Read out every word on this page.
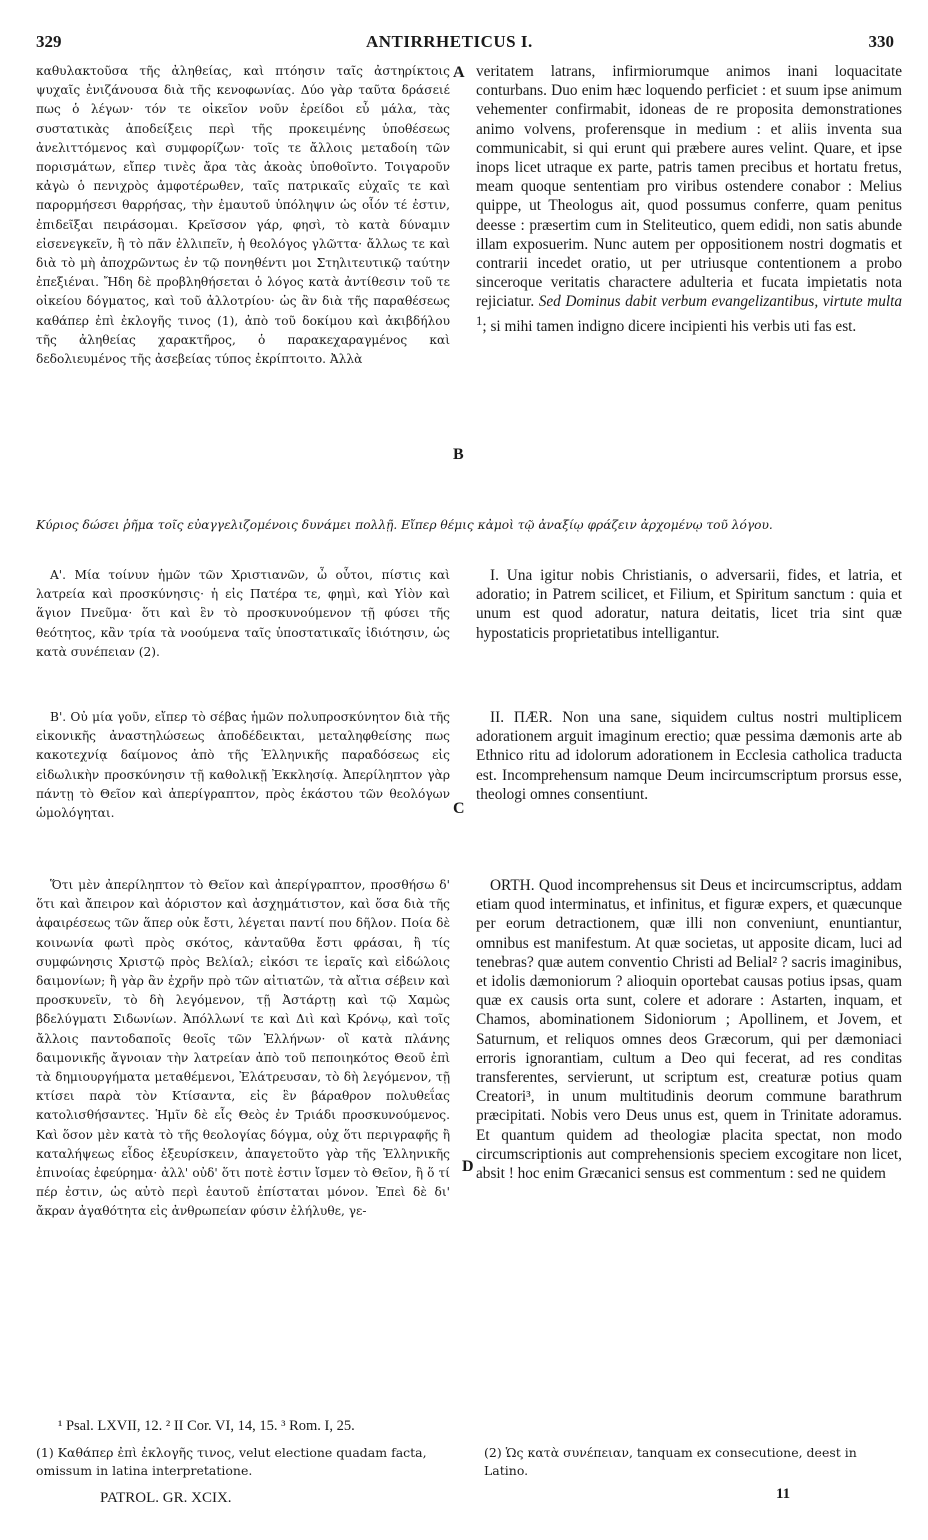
329	ANTIRRHETICUS I.	330

καθυλακτοῦσα τῆς ἀληθείας, καὶ πτόησιν ταῖς ἀστηρίκτοις ψυχαῖς ἐνιζάνουσα διὰ τῆς κενοφωνίας. Δύο γὰρ ταῦτα δράσειέ πως ὁ λέγων· τόν τε οἰκεῖον νοῦν ἐρείδοι εὖ μάλα, τὰς συστατικὰς ἀποδείξεις περὶ τῆς προκειμένης ὑποθέσεως ἀνελιττόμενος καὶ συμφορίζων· τοῖς τε ἄλλοις μεταδοίη τῶν πορισμάτων, εἴπερ τινὲς ἄρα τὰς ἀκοὰς ὑποθοῖντο. Τοιγαροῦν κἀγὼ ὁ πενιχρὸς ἀμφοτέρωθεν, ταῖς πατρικαῖς εὐχαῖς τε καὶ παρορμήσεσι θαρρήσας, τὴν ἐμαυτοῦ ὑπόληψιν ὡς οἷόν τέ ἐστιν, ἐπιδεῖξαι πειράσομαι. Κρεῖσσον γάρ, φησὶ, τὸ κατὰ δύναμιν εἰσενεγκεῖν, ἢ τὸ πᾶν ἐλλιπεῖν, ἡ θεολόγος γλῶττα· ἄλλως τε καὶ διὰ τὸ μὴ ἀποχρῶντως ἐν τῷ πονηθέντι μοι Στηλιτευτικῷ ταύτην ἐπεξιέναι. Ἤδη δὲ προβληθήσεται ὁ λόγος κατὰ ἀντίθεσιν τοῦ τε οἰκείου δόγματος, καὶ τοῦ ἀλλοτρίου· ὡς ἂν διὰ τῆς παραθέσεως καθάπερ ἐπὶ ἐκλογῆς τινος (1), ἀπὸ τοῦ δοκίμου καὶ ἀκιβδήλου τῆς ἀληθείας χαρακτῆρος, ὁ παρακεχαραγμένος καὶ δεδολιευμένος τῆς ἀσεβείας τύπος ἐκρίπτοιτο. Ἀλλὰ

veritatem latrans, infirmiorumque animos inani loquacitate conturbans. Duo enim hæc loquendo perficiet : et suum ipse animum vehementer confirmabit, idoneas de re proposita demonstrationes animo volvens, proferensque in medium : et aliis inventa sua communicabit, si qui erunt qui præbere aures velint. Quare, et ipse inops licet utraque ex parte, patris tamen precibus et hortatu fretus, meam quoque sententiam pro viribus ostendere conabor : Melius quippe, ut Theologus ait, quod possumus conferre, quam penitus deesse : præsertim cum in Steliteutico, quem edidi, non satis abunde illam exposuerim. Nunc autem per oppositionem nostri dogmatis et contrarii incedet oratio, ut per utriusque contentionem a probo sinceroque veritatis charactere adulteria et fucata impietatis nota rejiciatur. Sed Dominus dabit verbum evangelizantibus, virtute multa $^1$; si mihi tamen indigno dicere incipienti his verbis uti fas est.

Κύριος δώσει ῥῆμα τοῖς εὐαγγελιζομένοις δυνάμει πολλῇ. Εἴπερ θέμις κἀμοὶ τῷ ἀναξίῳ φράζειν ἀρχομένῳ τοῦ λόγου.

Α'. Μία τοίνυν ἡμῶν τῶν Χριστιανῶν, ὦ οὗτοι, πίστις καὶ λατρεία καὶ προσκύνησις· ἡ εἰς Πατέρα τε, φημὶ, καὶ Υἱὸν καὶ ἅγιον Πνεῦμα· ὅτι καὶ ἓν τὸ προσκυνούμενον τῇ φύσει τῆς θεότητος, κἂν τρία τὰ νοούμενα ταῖς ὑποστατικαῖς ἰδιότησιν, ὡς κατὰ συνέπειαν (2).

I. Una igitur nobis Christianis, o adversarii, fides, et latria, et adoratio; in Patrem scilicet, et Filium, et Spiritum sanctum : quia et unum est quod adoratur, natura deitatis, licet tria sint quæ hypostaticis proprietatibus intelligantur.

Β'. Οὐ μία γοῦν, εἴπερ τὸ σέβας ἡμῶν πολυπροσκύνητον διὰ τῆς εἰκονικῆς ἀναστηλώσεως ἀποδέδεικται, μεταληφθείσης πως κακοτεχνίᾳ δαίμονος ἀπὸ τῆς Ἑλληνικῆς παραδόσεως εἰς εἰδωλικὴν προσκύνησιν τῇ καθολικῇ Ἐκκλησίᾳ. Ἀπερίληπτον γὰρ πάντῃ τὸ Θεῖον καὶ ἀπερίγραπτον, πρὸς ἑκάστου τῶν θεολόγων ὡμολόγηται.

II. ΠÆR. Non una sane, siquidem cultus nostri multiplicem adorationem arguit imaginum erectio; quæ pessima dæmonis arte ab Ethnico ritu ad idolorum adorationem in Ecclesia catholica traducta est. Incomprehensum namque Deum incircumscriptum prorsus esse, theologi omnes consentiunt.

Ὅτι μὲν ἀπερίληπτον τὸ Θεῖον καὶ ἀπερίγραπτον, προσθήσω δ' ὅτι καὶ ἄπειρον καὶ ἀόριστον καὶ ἀσχημάτιστον, καὶ ὅσα διὰ τῆς ἀφαιρέσεως τῶν ἅπερ οὐκ ἔστι, λέγεται παντί που δῆλον. Ποία δὲ κοινωνία φωτὶ πρὸς σκότος, κἀνταῦθα ἔστι φράσαι, ἢ τίς συμφώνησις Χριστῷ πρὸς Βελίαλ; εἰκόσι τε ἱεραῖς καὶ εἰδώλοις δαιμονίων; ἢ γὰρ ἂν ἐχρῆν πρὸ τῶν αἰτιατῶν, τὰ αἴτια σέβειν καὶ προσκυνεῖν, τὸ δὴ λεγόμενον, τῇ Ἀστάρτῃ καὶ τῷ Χαμὼς βδελύγματι Σιδωνίων. Ἀπόλλωνί τε καὶ Διὶ καὶ Κρόνῳ, καὶ τοῖς ἄλλοις παντοδαποῖς θεοῖς τῶν Ἑλλήνων· οἳ κατὰ πλάνης δαιμονικῆς ἄγνοιαν τὴν λατρείαν ἀπὸ τοῦ πεποιηκότος Θεοῦ ἐπὶ τὰ δημιουργήματα μεταθέμενοι, Ἐλάτρευσαν, τὸ δὴ λεγόμενον, τῇ κτίσει παρὰ τὸν Κτίσαντα, εἰς ἓν βάραθρον πολυθεΐας κατολισθήσαντες. Ἡμῖν δὲ εἷς Θεὸς ἐν Τριάδι προσκυνούμενος. Καὶ ὅσον μὲν κατὰ τὸ τῆς θεολογίας δόγμα, οὐχ ὅτι περιγραφῆς ἢ καταλήψεως εἶδος ἐξευρίσκειν, ἀπαγετοῦτο γὰρ τῆς Ἑλληνικῆς ἐπινοίας ἐφεύρημα· ἀλλ' οὐδ' ὅτι ποτὲ ἐστιν ἴσμεν τὸ Θεῖον, ἢ ὅ τί πέρ ἐστιν, ὡς αὐτὸ περὶ ἑαυτοῦ ἐπίσταται μόνον. Ἐπεὶ δὲ δι' ἄκραν ἀγαθότητα εἰς ἀνθρωπείαν φύσιν ἐλήλυθε, γε-

ORTH. Quod incomprehensus sit Deus et incircumscriptus, addam etiam quod interminatus, et infinitus, et figuræ expers, et quæcunque per eorum detractionem, quæ illi non conveniunt, enuntiantur, omnibus est manifestum. At quæ societas, ut apposite dicam, luci ad tenebras? quæ autem conventio Christi ad Belial² ? sacris imaginibus, et idolis dæmoniorum ? alioquin oportebat causas potius ipsas, quam quæ ex causis orta sunt, colere et adorare : Astarten, inquam, et Chamos, abominationem Sidoniorum ; Apollinem, et Jovem, et Saturnum, et reliquos omnes deos Græcorum, qui per dæmoniaci erroris ignorantiam, cultum a Deo qui fecerat, ad res conditas transferentes, servierunt, ut scriptum est, creaturæ potius quam Creatori³, in unum multitudinis deorum commune barathrum præcipitati. Nobis vero Deus unus est, quem in Trinitate adoramus. Et quantum quidem ad theologiæ placita spectat, non modo circumscriptionis aut comprehensionis speciem excogitare non licet, absit ! hoc enim Græcanici sensus est commentum : sed ne quidem

A
B
C
D
¹ Psal. LXVII, 12. ² II Cor. VI, 14, 15. ³ Rom. I, 25.
(1) Καθάπερ ἐπὶ ἐκλογῆς τινος, velut electione quadam facta, omissum in latina interpretatione.
(2) Ὡς κατὰ συνέπειαν, tanquam ex consecutione, deest in Latino.
PATROL. GR. XCIX.	11
